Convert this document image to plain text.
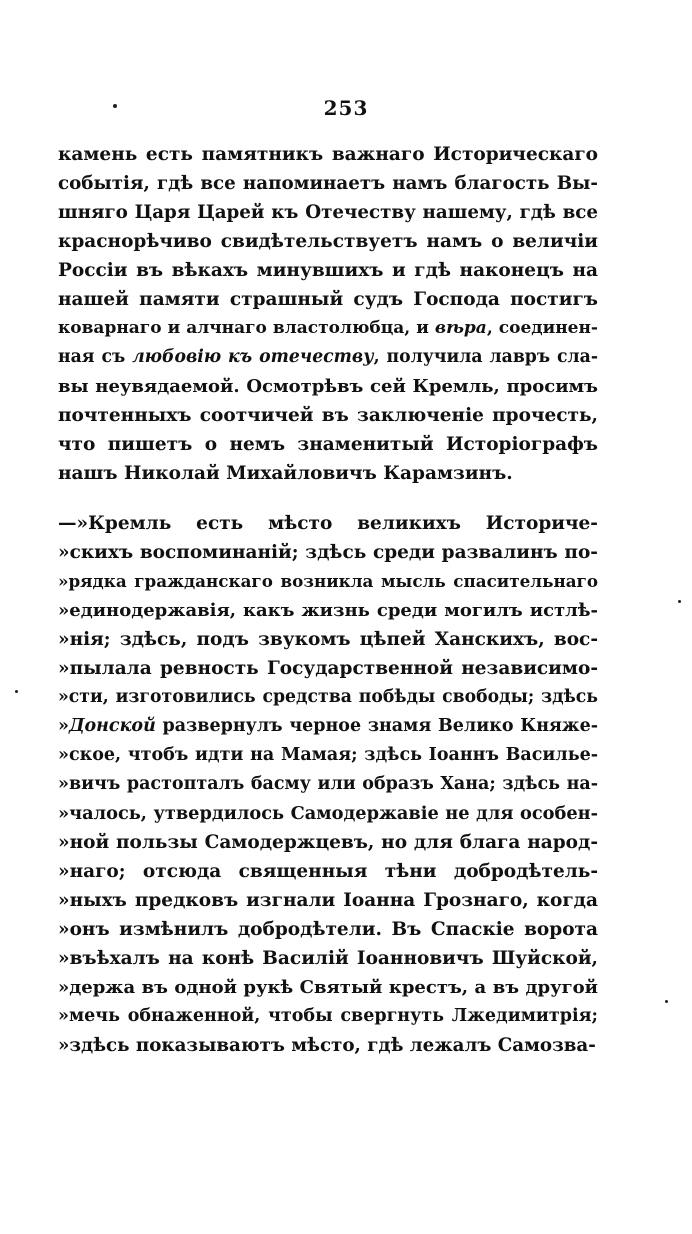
253
камень есть памятникъ важнаго Историческаго
событія, гдѣ все напоминаетъ намъ благость Вы-
шняго Царя Царей къ Отечеству нашему, гдѣ все
краснорѣчиво свидѣтельствуетъ намъ о величіи
Россіи въ вѣкахъ минувшихъ и гдѣ наконецъ на
нашей памяти страшный судъ Господа постигъ
коварнаго и алчнаго властолюбца, и вѣра, соединен-
ная съ любовію къ отечеству, получила лавръ сла-
вы неувядаемой. Осмотрѣвъ сей Кремль, просимъ
почтенныхъ соотчичей въ заключеніе прочесть,
что пишетъ о немъ знаменитый Исторіографъ
нашъ Николай Михайловичъ Карамзинъ.
—»Кремль есть мѣсто великихъ Историче-
»скихъ воспоминаній; здѣсь среди развалинъ по-
»рядка гражданскаго возникла мысль спасительнаго
»единодержавія, какъ жизнь среди могилъ истлѣ-
»нія; здѣсь, подъ звукомъ цѣпей Ханскихъ, вос-
»пылала ревность Государственной независимо-
»сти, изготовились средства побѣды свободы; здѣсь
»Донской развернулъ черное знамя Велико Княже-
»ское, чтобъ идти на Мамая; здѣсь Іоаннъ Василье-
»вичъ растопталъ басму или образъ Хана; здѣсь на-
»чалось, утвердилось Самодержавіе не для особен-
»ной пользы Самодержцевъ, но для блага народ-
»наго; отсюда священныя тѣни добродѣтель-
»ныхъ предковъ изгнали Іоанна Грознаго, когда
»онъ измѣнилъ добродѣтели. Въ Спаскіе ворота
»въѣхалъ на конѣ Василій Іоанновичъ Шуйской,
»держа въ одной рукѣ Святый крестъ, а въ другой
»мечь обнаженной, чтобы свергнуть Лжедимитрія;
»здѣсь показываютъ мѣсто, гдѣ лежалъ Самозва-
